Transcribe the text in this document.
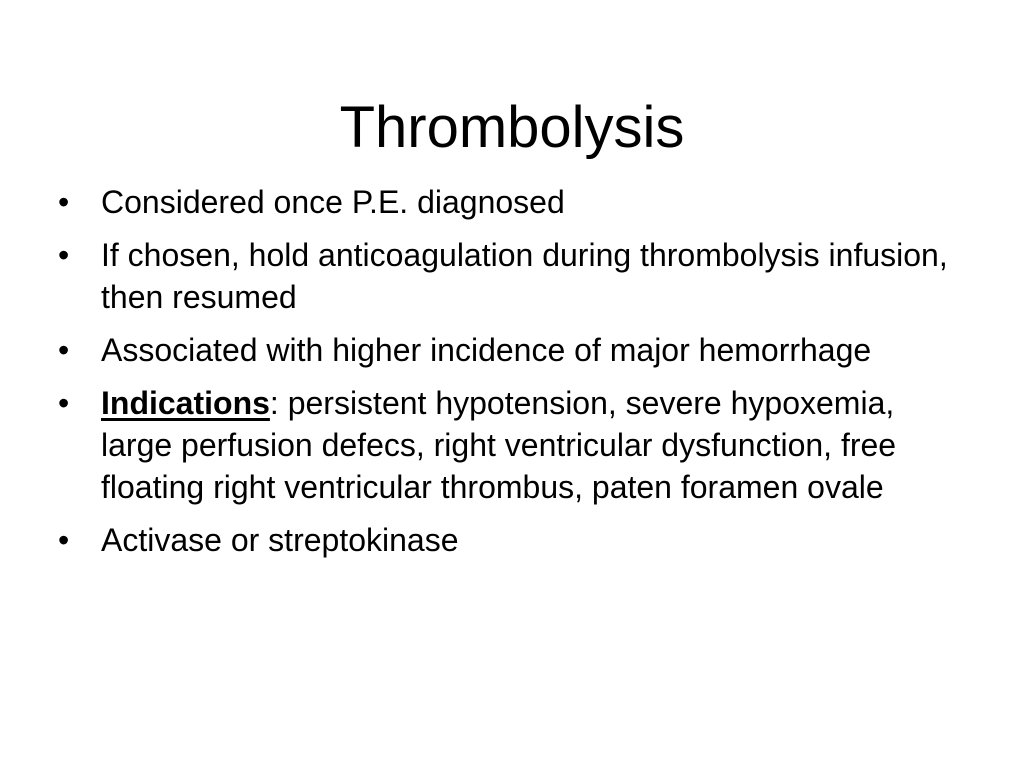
Thrombolysis
• Considered once P.E. diagnosed
• If chosen, hold anticoagulation during thrombolysis infusion, then resumed
• Associated with higher incidence of major hemorrhage
• Indications: persistent hypotension, severe hypoxemia, large perfusion defecs, right ventricular dysfunction, free floating right ventricular thrombus, paten foramen ovale
• Activase or streptokinase
